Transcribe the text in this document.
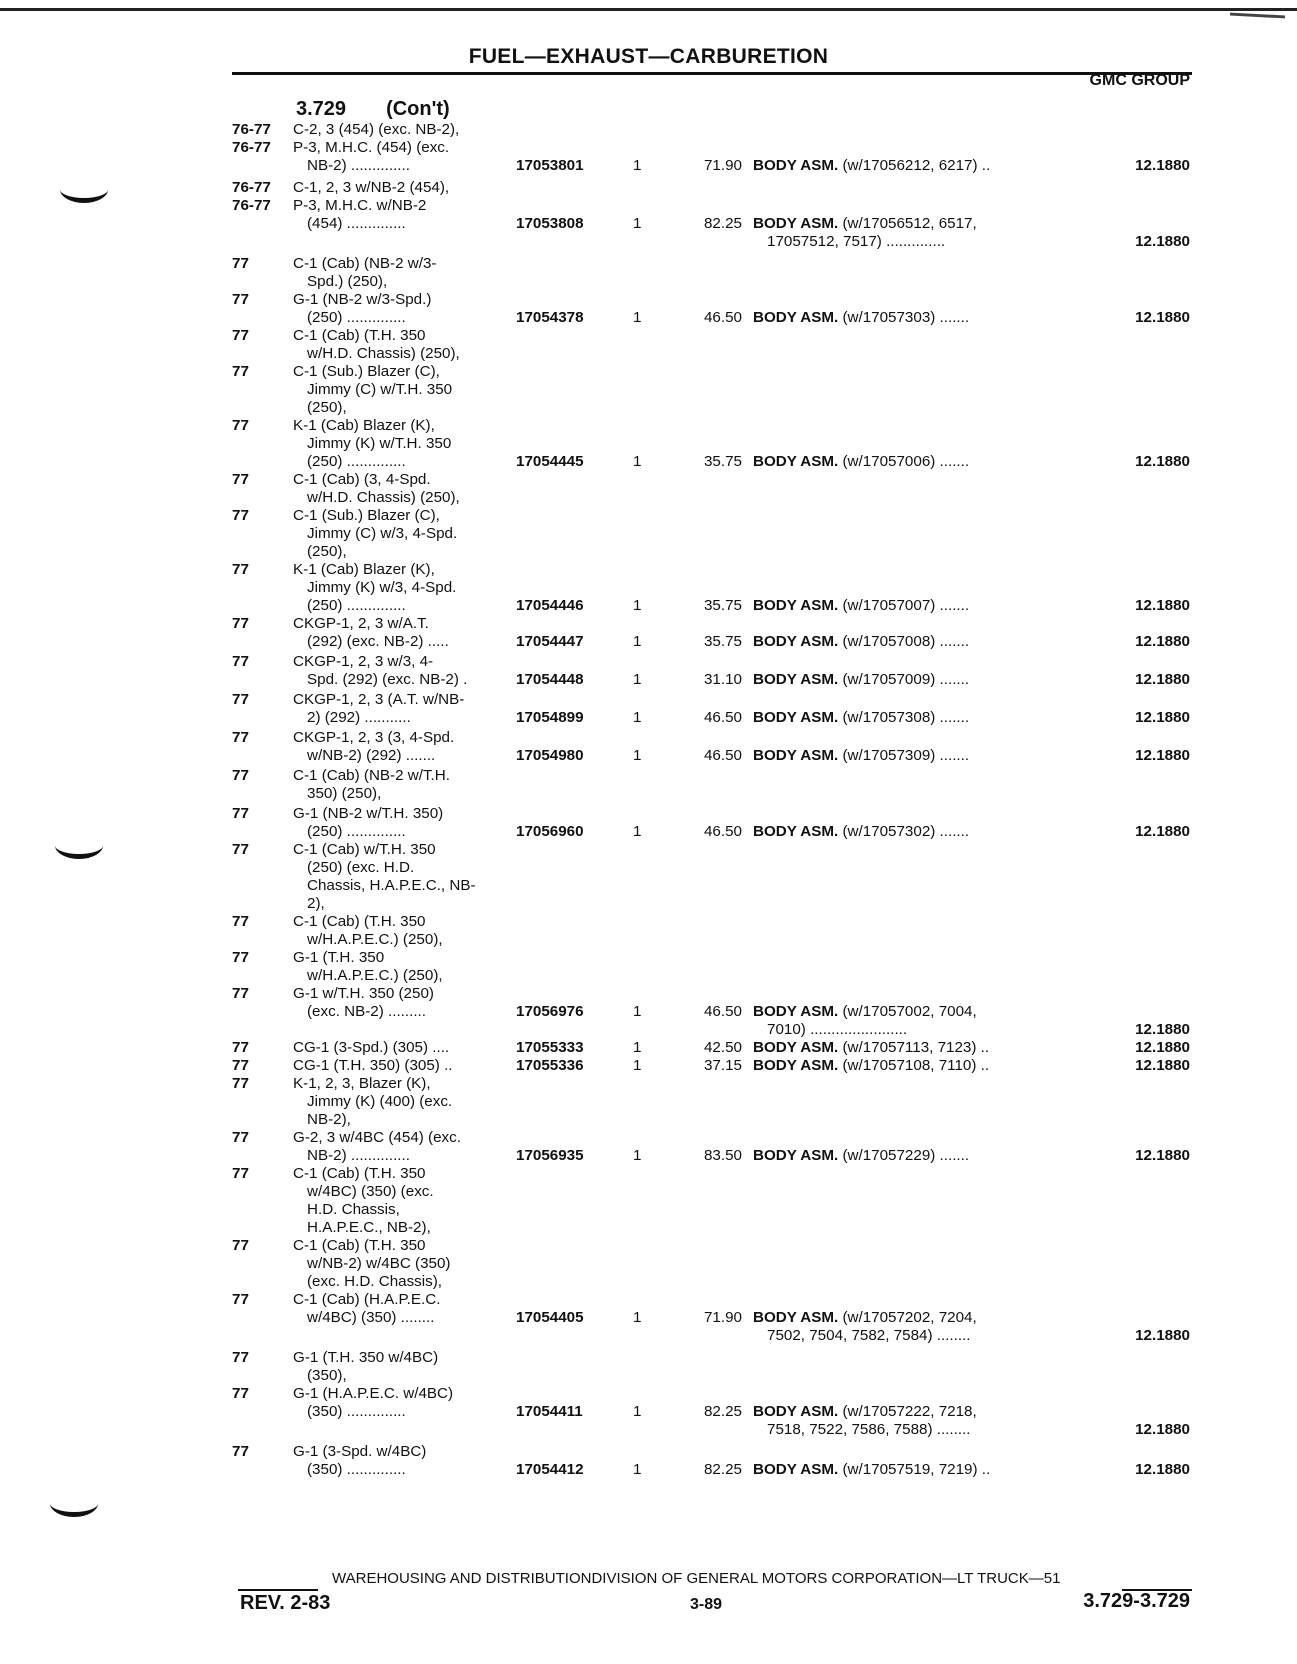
FUEL—EXHAUST—CARBURETION
GMC GROUP
3.729 (Con't)
76-77 C-2, 3 (454) (exc. NB-2),
76-77 P-3, M.H.C. (454) (exc.
NB-2) ..............	17053801	1	71.90 BODY ASM. (w/17056212, 6217) ..	12.1880
76-77 C-1, 2, 3 w/NB-2 (454),
76-77 P-3, M.H.C. w/NB-2
(454) ..............	17053808	1	82.25 BODY ASM. (w/17056512, 6517,
17057512, 7517) ..............	12.1880
77	C-1 (Cab) (NB-2 w/3-
Spd.) (250),
77	G-1 (NB-2 w/3-Spd.)
(250) ..............	17054378	1	46.50 BODY ASM. (w/17057303) .......	12.1880
77	C-1 (Cab) (T.H. 350
w/H.D. Chassis) (250),
77	C-1 (Sub.) Blazer (C),
Jimmy (C) w/T.H. 350
(250),
77	K-1 (Cab) Blazer (K),
Jimmy (K) w/T.H. 350
(250) ..............	17054445	1	35.75 BODY ASM. (w/17057006) .......	12.1880
77	C-1 (Cab) (3, 4-Spd.
w/H.D. Chassis) (250),
77	C-1 (Sub.) Blazer (C),
Jimmy (C) w/3, 4-Spd.
(250),
77	K-1 (Cab) Blazer (K),
Jimmy (K) w/3, 4-Spd.
(250) ..............	17054446	1	35.75 BODY ASM. (w/17057007) .......	12.1880
77	CKGP-1, 2, 3 w/A.T.
(292) (exc. NB-2) .....	17054447	1	35.75 BODY ASM. (w/17057008) .......	12.1880
77	CKGP-1, 2, 3 w/3, 4-
Spd. (292) (exc. NB-2) .	17054448	1	31.10 BODY ASM. (w/17057009) .......	12.1880
77	CKGP-1, 2, 3 (A.T. w/NB-
2) (292) ...........	17054899	1	46.50 BODY ASM. (w/17057308) .......	12.1880
77	CKGP-1, 2, 3 (3, 4-Spd.
w/NB-2) (292) .......	17054980	1	46.50 BODY ASM. (w/17057309) .......	12.1880
77	C-1 (Cab) (NB-2 w/T.H.
350) (250),
77	G-1 (NB-2 w/T.H. 350)
(250) ..............	17056960	1	46.50 BODY ASM. (w/17057302) .......	12.1880
77	C-1 (Cab) w/T.H. 350
(250) (exc. H.D.
Chassis, H.A.P.E.C., NB-
2),
77	C-1 (Cab) (T.H. 350
w/H.A.P.E.C.) (250),
77	G-1 (T.H. 350
w/H.A.P.E.C.) (250),
77	G-1 w/T.H. 350 (250)
(exc. NB-2) .........	17056976	1	46.50 BODY ASM. (w/17057002, 7004,
7010) .......................	12.1880
77	CG-1 (3-Spd.) (305) ....	17055333	1	42.50 BODY ASM. (w/17057113, 7123) ..	12.1880
77	CG-1 (T.H. 350) (305) ..	17055336	1	37.15 BODY ASM. (w/17057108, 7110) ..	12.1880
77	K-1, 2, 3, Blazer (K),
Jimmy (K) (400) (exc.
NB-2),
77	G-2, 3 w/4BC (454) (exc.
NB-2) ..............	17056935	1	83.50 BODY ASM. (w/17057229) .......	12.1880
77	C-1 (Cab) (T.H. 350
w/4BC) (350) (exc.
H.D. Chassis,
H.A.P.E.C., NB-2),
77	C-1 (Cab) (T.H. 350
w/NB-2) w/4BC (350)
(exc. H.D. Chassis),
77	C-1 (Cab) (H.A.P.E.C.
w/4BC) (350) ........	17054405	1	71.90 BODY ASM. (w/17057202, 7204,
7502, 7504, 7582, 7584) ........	12.1880
77	G-1 (T.H. 350 w/4BC)
(350),
77	G-1 (H.A.P.E.C. w/4BC)
(350) ..............	17054411	1	82.25 BODY ASM. (w/17057222, 7218,
7518, 7522, 7586, 7588) ........	12.1880
77	G-1 (3-Spd. w/4BC)
(350) ..............	17054412	1	82.25 BODY ASM. (w/17057519, 7219) ..	12.1880
WAREHOUSING AND DISTRIBUTIONDIVISION OF GENERAL MOTORS CORPORATION—LT TRUCK—51
REV. 2-83	3-89	3.729-3.729
